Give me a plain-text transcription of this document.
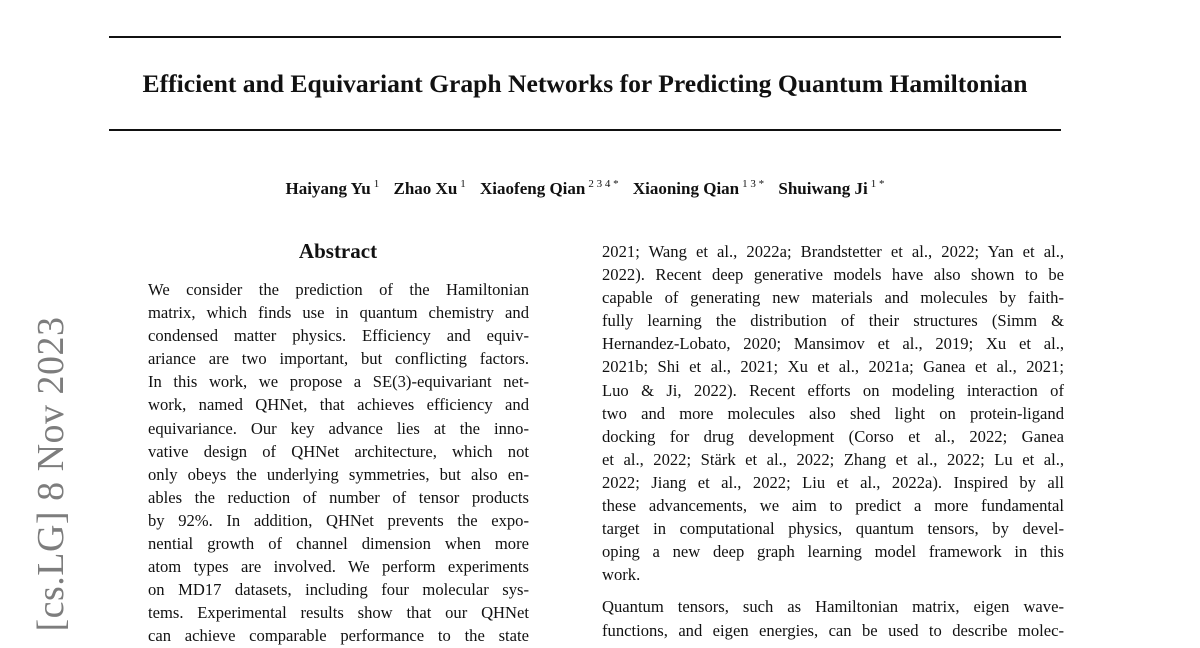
Efficient and Equivariant Graph Networks for Predicting Quantum Hamiltonian
Haiyang Yu $^1$ Zhao Xu $^1$ Xiaofeng Qian $^{2 3 4 *}$ Xiaoning Qian $^{1 3 *}$ Shuiwang Ji $^{1 *}$
[cs.LG] 8 Nov 2023
Abstract
We consider the prediction of the Hamiltonian
matrix, which finds use in quantum chemistry and
condensed matter physics. Efficiency and equiv-
ariance are two important, but conflicting factors.
In this work, we propose a SE(3)-equivariant net-
work, named QHNet, that achieves efficiency and
equivariance. Our key advance lies at the inno-
vative design of QHNet architecture, which not
only obeys the underlying symmetries, but also en-
ables the reduction of number of tensor products
by 92%. In addition, QHNet prevents the expo-
nential growth of channel dimension when more
atom types are involved. We perform experiments
on MD17 datasets, including four molecular sys-
tems. Experimental results show that our QHNet
can achieve comparable performance to the state
2021; Wang et al., 2022a; Brandstetter et al., 2022; Yan et al.,
2022). Recent deep generative models have also shown to be
capable of generating new materials and molecules by faith-
fully learning the distribution of their structures (Simm &
Hernandez-Lobato, 2020; Mansimov et al., 2019; Xu et al.,
2021b; Shi et al., 2021; Xu et al., 2021a; Ganea et al., 2021;
Luo & Ji, 2022). Recent efforts on modeling interaction of
two and more molecules also shed light on protein-ligand
docking for drug development (Corso et al., 2022; Ganea
et al., 2022; Stärk et al., 2022; Zhang et al., 2022; Lu et al.,
2022; Jiang et al., 2022; Liu et al., 2022a). Inspired by all
these advancements, we aim to predict a more fundamental
target in computational physics, quantum tensors, by devel-
oping a new deep graph learning model framework in this
work.
Quantum tensors, such as Hamiltonian matrix, eigen wave-
functions, and eigen energies, can be used to describe molec-
